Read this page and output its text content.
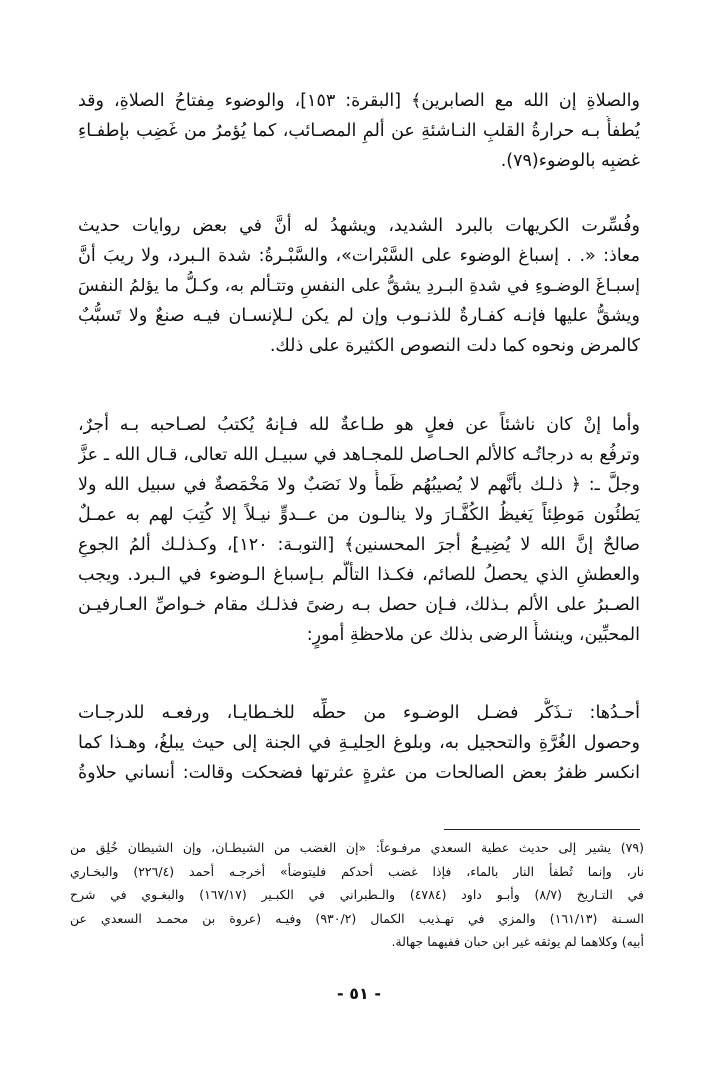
والصلاةِ إن الله مع الصابرين﴾ [البقرة: ١٥٣]، والوضوء مِفتاحُ الصلاةِ، وقد
يُطفأُ بـه حرارةُ القلبِ النـاشئةِ عن ألمِ المصـائب، كما يُؤمرُ من غَضِب بإطفـاءِ
غضبِه بالوضوء(٧٩).
وفُسِّرت الكريهات بالبرد الشديد، ويشهدُ له أنَّ في بعض روايات حديث
معاذ: «. . إسباغ الوضوء على السَّبْرات»، والسَّبْـرةُ: شدة الـبرد، ولا ريبَ أنَّ
إسبـاغَ الوضـوءِ في شدةِ البـردِ يشقُّ على النفسِ وتتـألم به، وكـلُّ ما يؤلمُ النفسَ
ويشقُّ عليها فإنـه كفـارةٌ للذنـوب وإن لم يكن لـلإنسـان فيـه صنعٌ ولا تَسبُّبٌ
كالمرض ونحوه كما دلت النصوص الكثيرة على ذلك.
وأما إنْ كان ناشئاً عن فعلٍ هو طـاعةٌ لله فـإنهُ يُكتبُ لصـاحبه بـه أجرٌ،
وترفُع به درجاتُـه كالألم الحـاصل للمجـاهد في سبيـل الله تعالى، قـال الله ـ عزَّ
وجلَّ ـ: ﴿ ذلـك بأنَّهم لا يُصيبُهُم ظَمأٌ ولا نَصَبٌ ولا مَخْمَصةٌ في سبيل الله ولا
يَطئُون مَوطِئاً يَغيظُ الكُفَّـارَ ولا ينالـون من عــدوٍّ نيـلاً إلا كُتِبَ لهم به عمـلٌ
صالحٌ إنَّ الله لا يُضِيـعُ أجرَ المحسنين﴾ [التوبـة: ١٢٠]، وكـذلـك ألمُ الجوعِ
والعطشِ الذي يحصلُ للصائم، فكـذا التألُّم بـإسباغ الـوضوء في الـبرد. ويجب
الصـبرُ على الألم بـذلك، فـإن حصل بـه رضىً فذلـك مقام خـواصِّ العـارفيـن
المحبِّين، وينشأُ الرضى بذلك عن ملاحظةِ أمورٍ:
أحـدُها: تـذَكُّر فضـل الوضـوء من حطِّه للخـطايـا، ورفعـه للدرجـات
وحصول الغُرَّةِ والتحجيل به، وبلوغ الحِليـةِ في الجنة إلى حيث يبلغُ، وهـذا كما
انكسر ظفرُ بعض الصالحات من عثرةٍ عثرتها فضحكت وقالت: أنساني حلاوةُ
(٧٩) يشير إلى حديث عطية السعدي مرفـوعاً: «إن الغضب من الشيطـان، وإن الشيطان خُلِق من
نار، وإنما تُطفأ النار بالماء، فإذا غضب أحدكم فليتوضأ» أخرجـه أحمد (٢٢٦/٤) والبخـاري
في التـاريخ (٨/٧) وأبـو داود (٤٧٨٤) والـطبراني في الكبـير (١٦٧/١٧) والبغـوي في شرح
السـنة (١٦١/١٣) والمزي في تهـذيب الكمال (٩٣٠/٢) وفيـه (عروة بن محمـد السعدي عن
أبيه) وكلاهما لم يوثقه غير ابن حبان ففيهما جهالة.
- ٥١ -
